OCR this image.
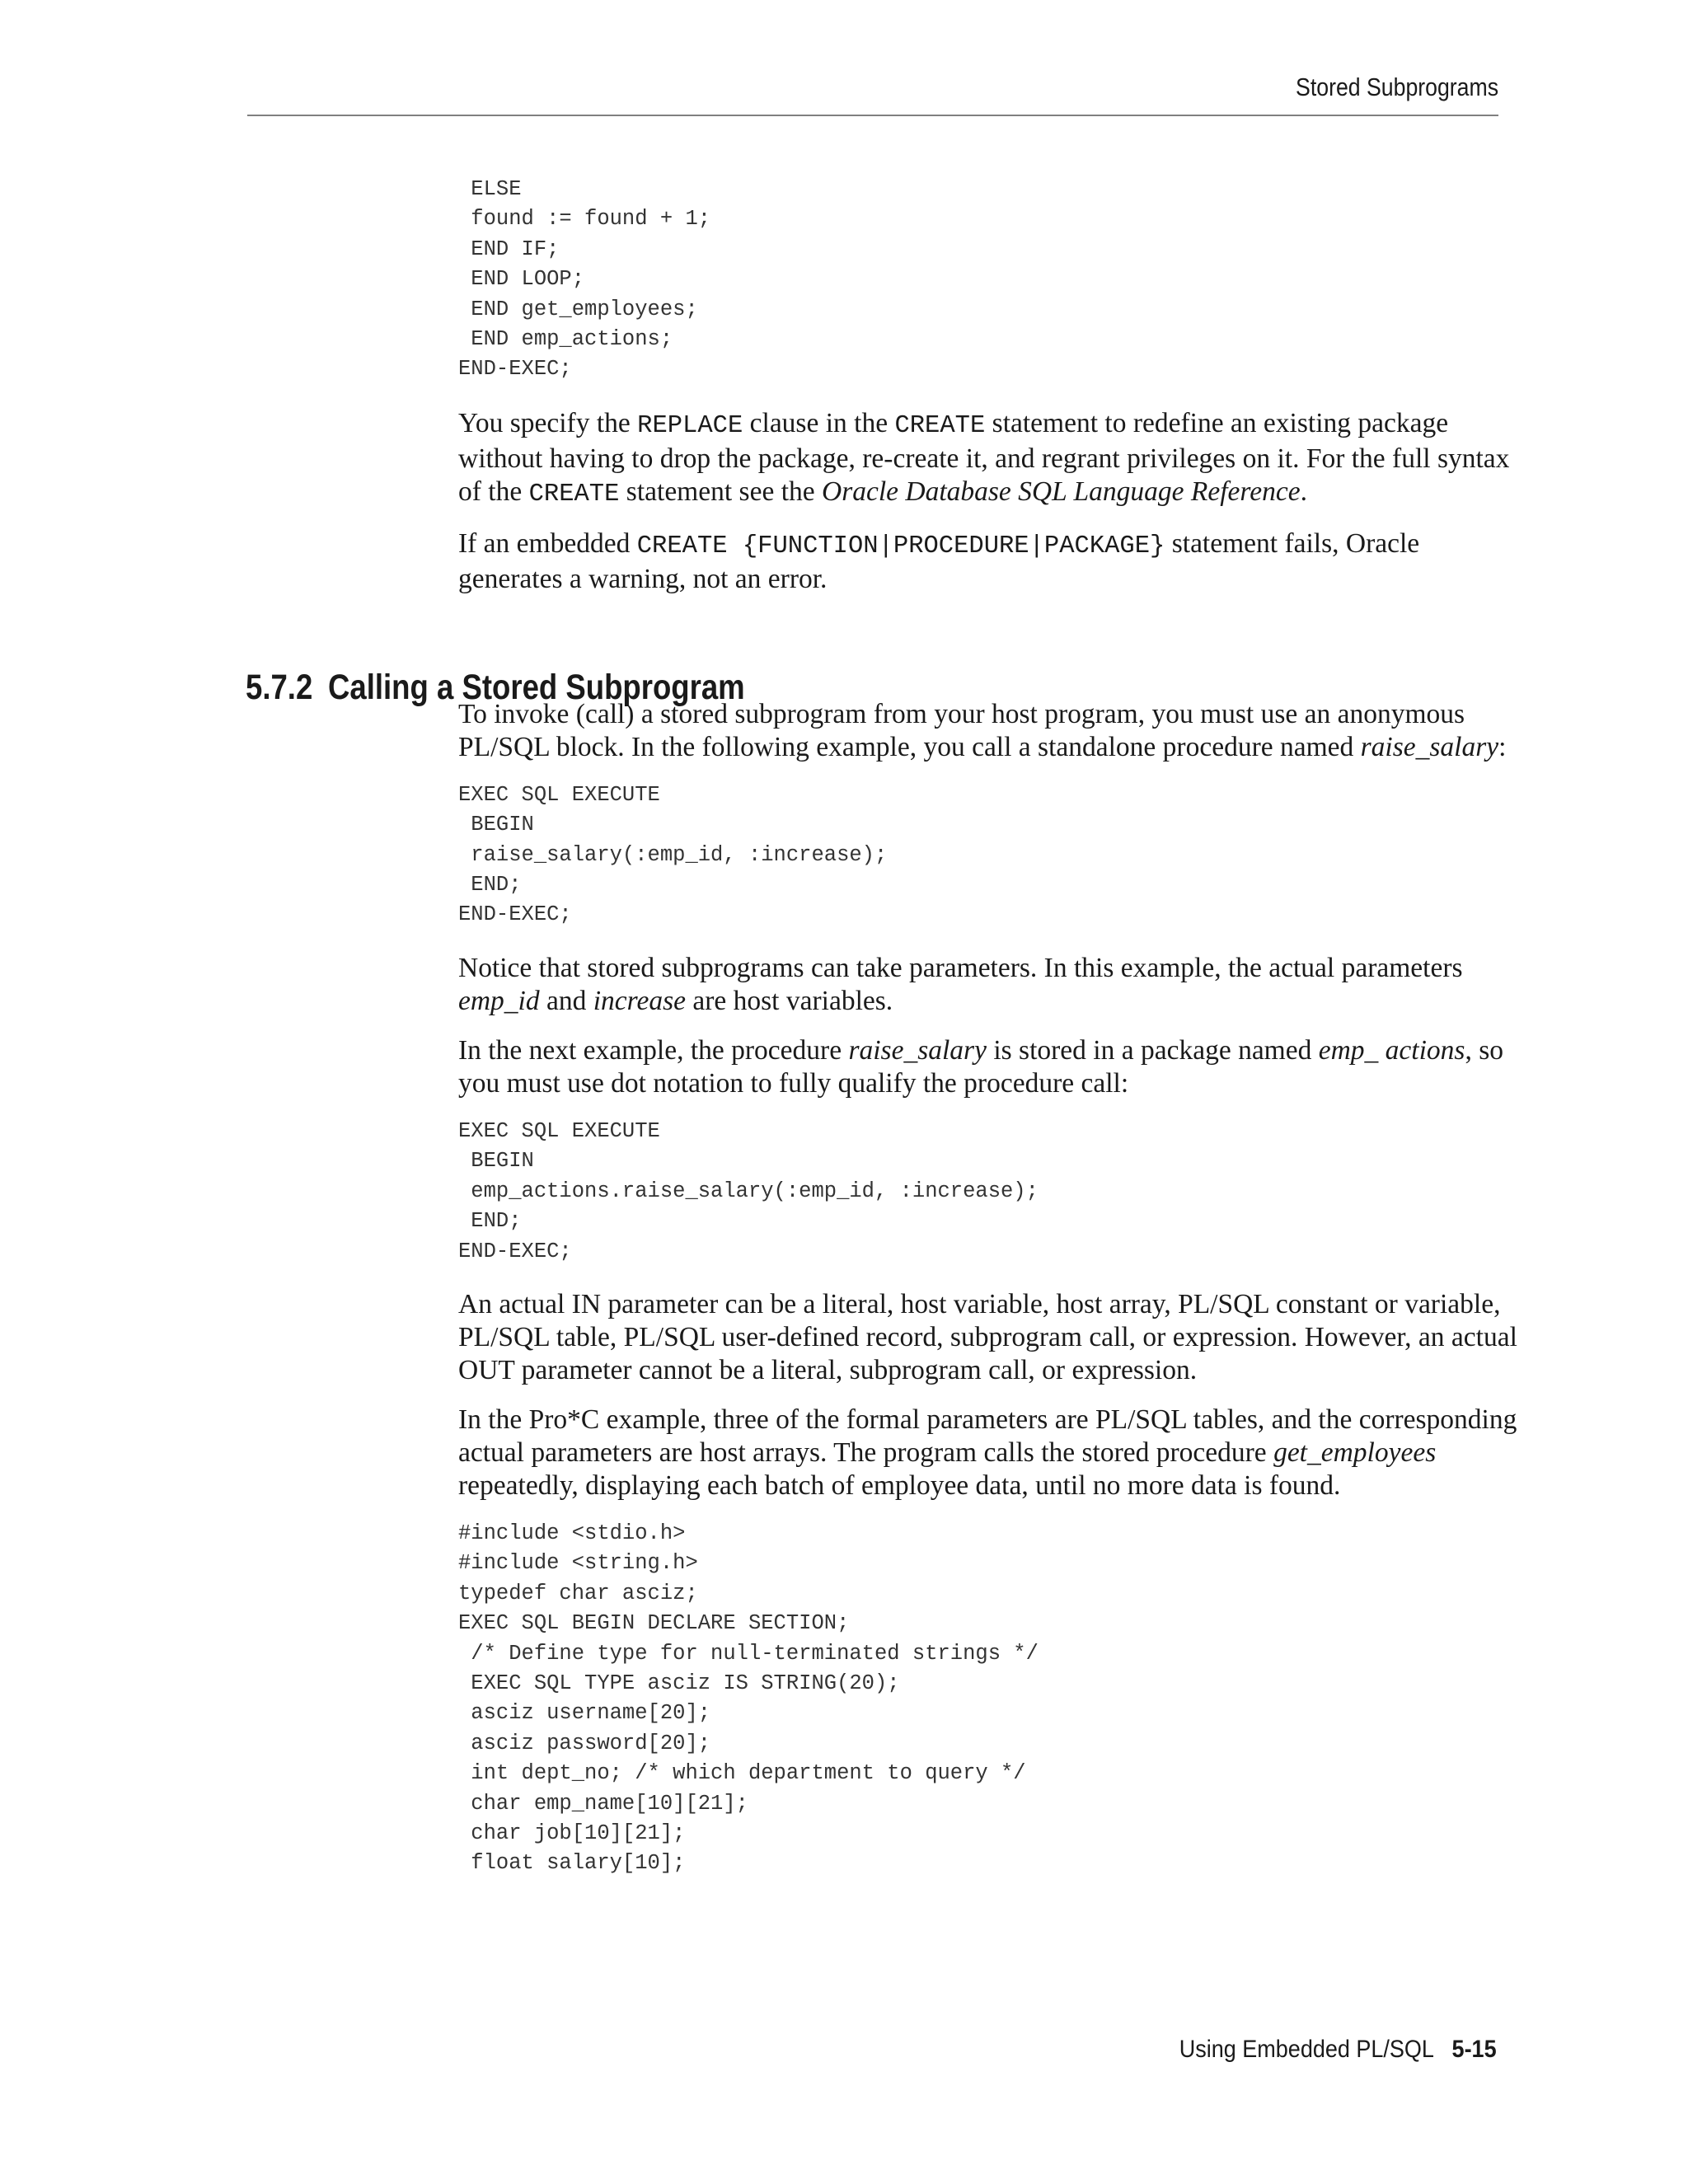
Stored Subprograms
5.7.2 Calling a Stored Subprogram
ELSE
found := found + 1;
END IF;
END LOOP;
END get_employees;
END emp_actions;
END-EXEC;

You specify the REPLACE clause in the CREATE statement to redefine an existing package without having to drop the package, re-create it, and regrant privileges on it. For the full syntax of the CREATE statement see the Oracle Database SQL Language Reference.

If an embedded CREATE {FUNCTION|PROCEDURE|PACKAGE} statement fails, Oracle generates a warning, not an error.

To invoke (call) a stored subprogram from your host program, you must use an anonymous PL/SQL block. In the following example, you call a standalone procedure named raise_salary:

EXEC SQL EXECUTE
BEGIN
raise_salary(:emp_id, :increase);
END;
END-EXEC;

Notice that stored subprograms can take parameters. In this example, the actual parameters emp_id and increase are host variables.

In the next example, the procedure raise_salary is stored in a package named emp_ actions, so you must use dot notation to fully qualify the procedure call:

EXEC SQL EXECUTE
BEGIN
emp_actions.raise_salary(:emp_id, :increase);
END;
END-EXEC;

An actual IN parameter can be a literal, host variable, host array, PL/SQL constant or variable, PL/SQL table, PL/SQL user-defined record, subprogram call, or expression. However, an actual OUT parameter cannot be a literal, subprogram call, or expression.

In the Pro*C example, three of the formal parameters are PL/SQL tables, and the corresponding actual parameters are host arrays. The program calls the stored procedure get_employees repeatedly, displaying each batch of employee data, until no more data is found.

#include <stdio.h>
#include <string.h>
typedef char asciz;
EXEC SQL BEGIN DECLARE SECTION;
/* Define type for null-terminated strings */
EXEC SQL TYPE asciz IS STRING(20);
asciz username[20];
asciz password[20];
int dept_no; /* which department to query */
char emp_name[10][21];
char job[10][21];
float salary[10];
Using Embedded PL/SQL 5-15
